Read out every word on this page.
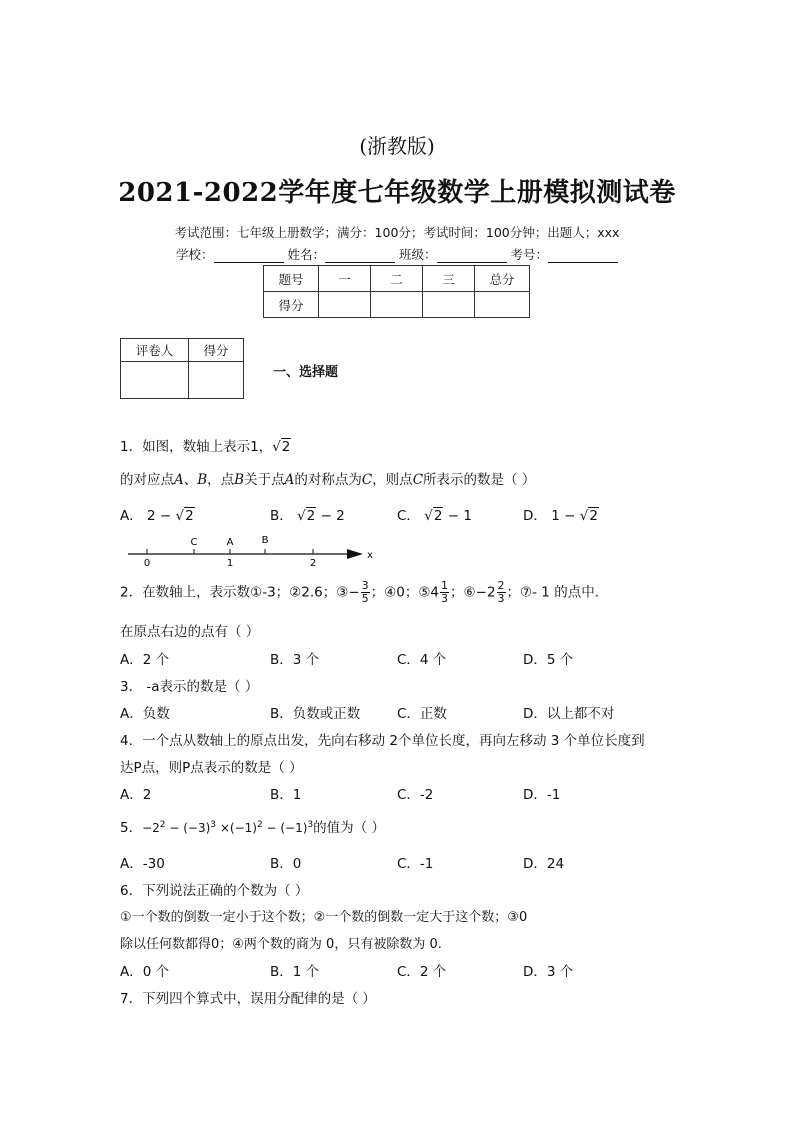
(浙教版)
2021-2022学年度七年级数学上册模拟测试卷
考试范围：七年级上册数学；满分：100分；考试时间：100分钟；出题人；xxx
学校：	姓名：	班级：	考号：
题号	一	二	三	总分
得分				
评卷人	得分

一、选择题
1．如图，数轴上表示1，√2
的对应点A、B，点B关于点A的对称点为C，则点C所表示的数是（ ）
A． 2 − √2	B． √2 − 2	C． √2 − 1	D． 1 − √2
C	A	B
0	1	2
x
2．在数轴上，表示数①-3；②2.6；③− $\frac{3}{5}$ ；④0；⑤4 $\frac{1}{3}$ ；⑥−2 $\frac{2}{3}$ ；⑦- 1 的点中.
在原点右边的点有（ ）
A．2 个	B．3 个	C．4 个	D．5 个
3． -a表示的数是（ ）
A．负数	B．负数或正数	C．正数	D．以上都不对
4．一个点从数轴上的原点出发，先向右移动 2个单位长度，再向左移动 3 个单位长度到
达P点，则P点表示的数是（ ）
A．2	B．1	C．-2	D．-1
5．$-2^2 - (-3)^3 \times(-1)^2 - (-1)^3$的值为（ ）
A．-30	B．0	C．-1	D．24
6．下列说法正确的个数为（ ）
①一个数的倒数一定小于这个数；②一个数的倒数一定大于这个数；③0
除以任何数都得0；④两个数的商为 0，只有被除数为 0.
A．0 个	B．1 个	C．2 个	D．3 个
7．下列四个算式中，误用分配律的是（ ）
